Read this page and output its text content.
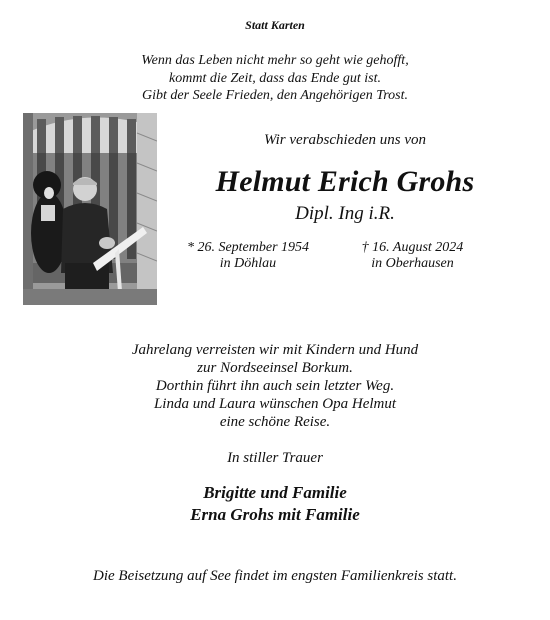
Statt Karten
Wenn das Leben nicht mehr so geht wie gehofft,
kommt die Zeit, dass das Ende gut ist.
Gibt der Seele Frieden, den Angehörigen Trost.
Wir verabschieden uns von
Helmut Erich Grohs
Dipl. Ing i.R.
* 26. September 1954
in Döhlau
† 16. August 2024
in Oberhausen
Jahrelang verreisten wir mit Kindern und Hund
zur Nordseeinsel Borkum.
Dorthin führt ihn auch sein letzter Weg.
Linda und Laura wünschen Opa Helmut
eine schöne Reise.
In stiller Trauer
Brigitte und Familie
Erna Grohs mit Familie
Die Beisetzung auf See findet im engsten Familienkreis statt.
